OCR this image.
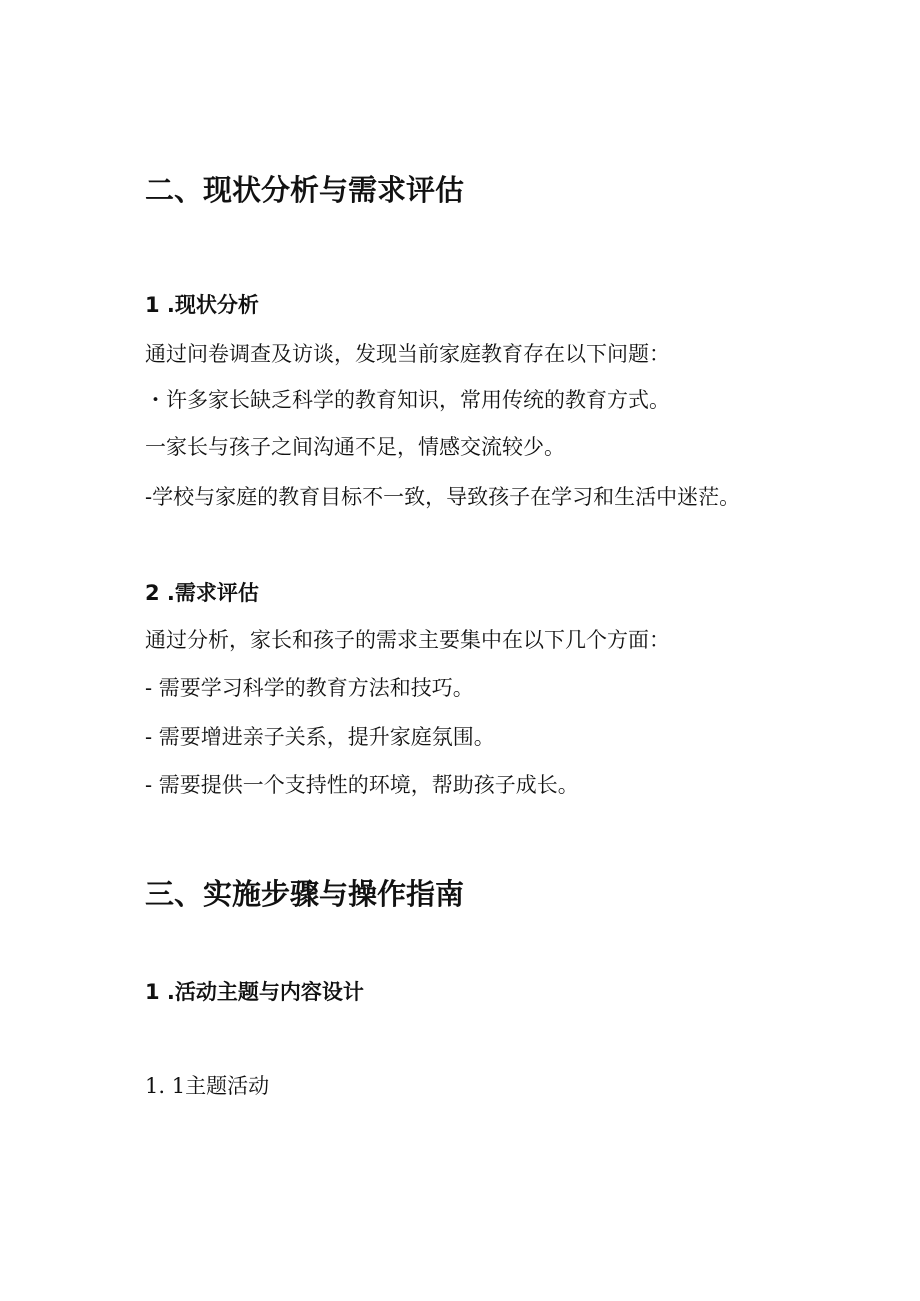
二、现状分析与需求评估
1 .现状分析
通过问卷调查及访谈，发现当前家庭教育存在以下问题：
・许多家长缺乏科学的教育知识，常用传统的教育方式。
一家长与孩子之间沟通不足，情感交流较少。
-学校与家庭的教育目标不一致，导致孩子在学习和生活中迷茫。
2 .需求评估
通过分析，家长和孩子的需求主要集中在以下几个方面：
- 需要学习科学的教育方法和技巧。
- 需要增进亲子关系，提升家庭氛围。
- 需要提供一个支持性的环境，帮助孩子成长。
三、实施步骤与操作指南
1 .活动主题与内容设计
1. 1主题活动
